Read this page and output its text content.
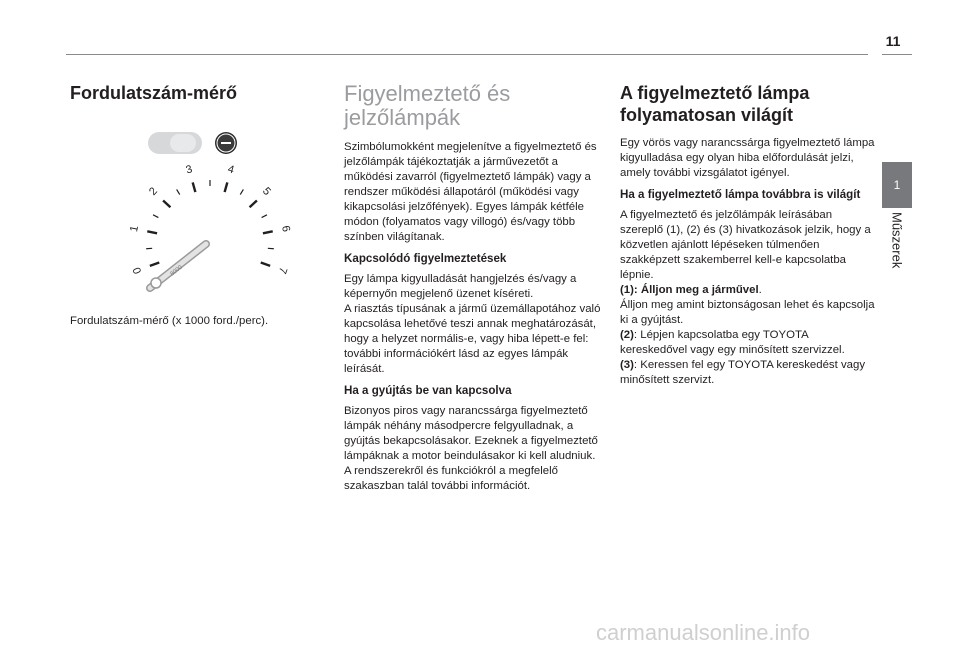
11
1
Műszerek
Fordulatszám-mérő
0
1
2
3	4
5
6
7
8000
Fordulatszám-mérő (x 1000 ford./perc).
Figyelmeztető és jelzőlámpák

Szimbólumokként megjelenítve a figyelmeztető és jelzőlámpák tájékoztatják a járművezetőt a működési zavarról (figyelmeztető lámpák) vagy a rendszer működési állapotáról (működési vagy kikapcsolási jelzőfények). Egyes lámpák kétféle módon (folyamatos vagy villogó) és/vagy több színben világítanak.

Kapcsolódó figyelmeztetések

Egy lámpa kigyulladását hangjelzés és/vagy a képernyőn megjelenő üzenet kíséreti.
A riasztás típusának a jármű üzemállapotához való kapcsolása lehetővé teszi annak meghatározását, hogy a helyzet normális-e, vagy hiba lépett-e fel: további információkért lásd az egyes lámpák leírását.

Ha a gyújtás be van kapcsolva

Bizonyos piros vagy narancssárga figyelmeztető lámpák néhány másodpercre felgyulladnak, a gyújtás bekapcsolásakor. Ezeknek a figyelmeztető lámpáknak a motor beindulásakor ki kell aludniuk.
A rendszerekről és funkciókról a megfelelő szakaszban talál további információt.

A figyelmeztető lámpa folyamatosan világít

Egy vörös vagy narancssárga figyelmeztető lámpa kigyulladása egy olyan hiba előfordulását jelzi, amely további vizsgálatot igényel.

Ha a figyelmeztető lámpa továbbra is világít

A figyelmeztető és jelzőlámpák leírásában szereplő (1), (2) és (3) hivatkozások jelzik, hogy a közvetlen ajánlott lépéseken túlmenően szakképzett szakemberrel kell-e kapcsolatba lépnie.

(1): Álljon meg a járművel.
Álljon meg amint biztonságosan lehet és kapcsolja ki a gyújtást.
(2): Lépjen kapcsolatba egy TOYOTA kereskedővel vagy egy minősített szervizzel.
(3): Keressen fel egy TOYOTA kereskedést vagy minősített szervizt.
carmanualsonline.info
